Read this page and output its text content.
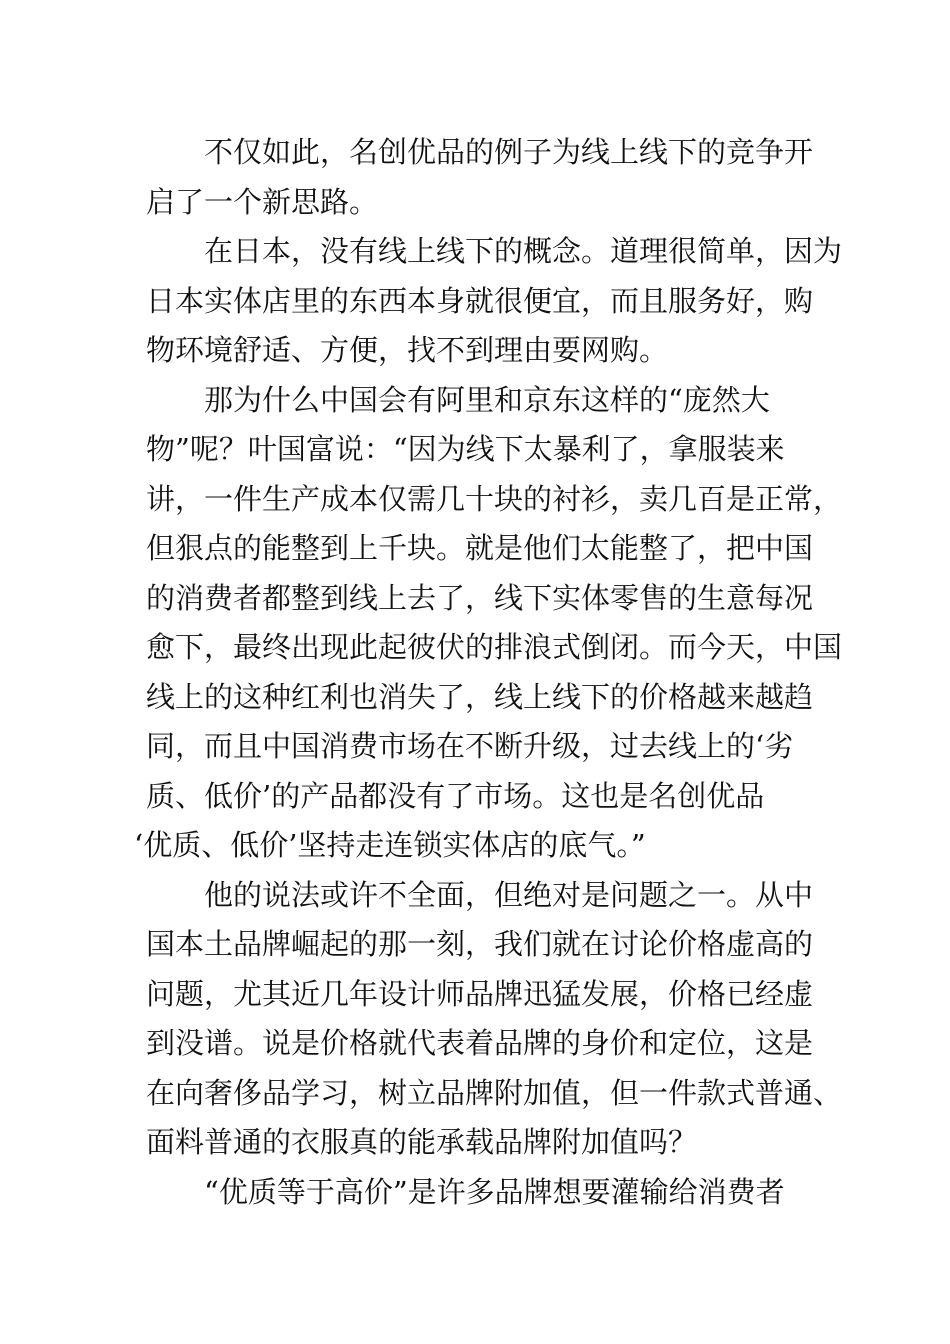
不仅如此，名创优品的例子为线上线下的竞争开
启了一个新思路。
在日本，没有线上线下的概念。道理很简单，因为
日本实体店里的东西本身就很便宜，而且服务好，购
物环境舒适、方便，找不到理由要网购。
那为什么中国会有阿里和京东这样的“庞然大
物”呢？叶国富说：“因为线下太暴利了，拿服装来
讲，一件生产成本仅需几十块的衬衫，卖几百是正常，
但狠点的能整到上千块。就是他们太能整了，把中国
的消费者都整到线上去了，线下实体零售的生意每况
愈下，最终出现此起彼伏的排浪式倒闭。而今天，中国
线上的这种红利也消失了，线上线下的价格越来越趋
同，而且中国消费市场在不断升级，过去线上的‘劣
质、低价’的产品都没有了市场。这也是名创优品
‘优质、低价’坚持走连锁实体店的底气。”
他的说法或许不全面，但绝对是问题之一。从中
国本土品牌崛起的那一刻，我们就在讨论价格虚高的
问题，尤其近几年设计师品牌迅猛发展，价格已经虚
到没谱。说是价格就代表着品牌的身价和定位，这是
在向奢侈品学习，树立品牌附加值，但一件款式普通、
面料普通的衣服真的能承载品牌附加值吗？
“优质等于高价”是许多品牌想要灌输给消费者
